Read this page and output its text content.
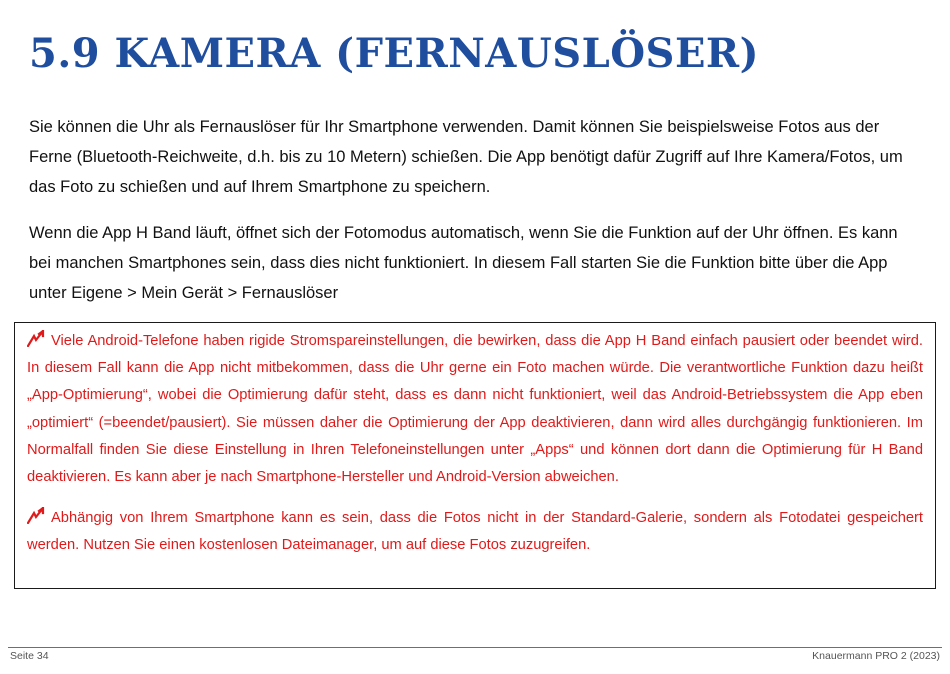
5.9 KAMERA (FERNAUSLÖSER)

Sie können die Uhr als Fernauslöser für Ihr Smartphone verwenden. Damit können Sie beispielsweise Fotos aus der Ferne (Bluetooth-Reichweite, d.h. bis zu 10 Metern) schießen. Die App benötigt dafür Zugriff auf Ihre Kamera/Fotos, um das Foto zu schießen und auf Ihrem Smartphone zu speichern.

Wenn die App H Band läuft, öffnet sich der Fotomodus automatisch, wenn Sie die Funktion auf der Uhr öffnen. Es kann bei manchen Smartphones sein, dass dies nicht funktioniert. In diesem Fall starten Sie die Funktion bitte über die App unter Eigene > Mein Gerät > Fernauslöser

Viele Android-Telefone haben rigide Stromspareinstellungen, die bewirken, dass die App H Band einfach pausiert oder beendet wird. In diesem Fall kann die App nicht mitbekommen, dass die Uhr gerne ein Foto machen würde. Die verantwortliche Funktion dazu heißt „App-Optimierung“, wobei die Optimierung dafür steht, dass es dann nicht funktioniert, weil das Android-Betriebssystem die App eben „optimiert“ (=beendet/pausiert). Sie müssen daher die Optimierung der App deaktivieren, dann wird alles durchgängig funktionieren. Im Normalfall finden Sie diese Einstellung in Ihren Telefoneinstellungen unter „Apps“ und können dort dann die Optimierung für H Band deaktivieren. Es kann aber je nach Smartphone-Hersteller und Android-Version abweichen.

Abhängig von Ihrem Smartphone kann es sein, dass die Fotos nicht in der Standard-Galerie, sondern als Fotodatei gespeichert werden. Nutzen Sie einen kostenlosen Dateimanager, um auf diese Fotos zuzugreifen.

Seite 34	Knauermann PRO 2 (2023)
